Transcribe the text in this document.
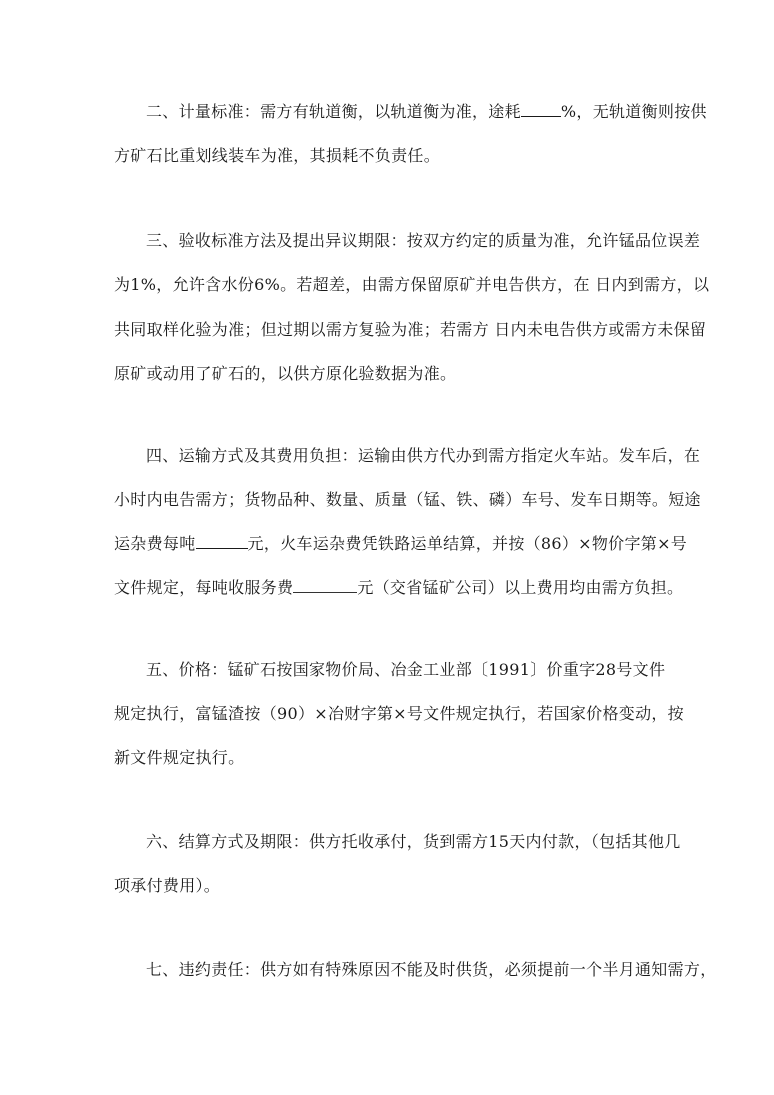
二、计量标准：需方有轨道衡，以轨道衡为准，途耗	%，无轨道衡则按供
方矿石比重划线装车为准，其损耗不负责任。
三、验收标准方法及提出异议期限：按双方约定的质量为准，允许锰品位误差
为1%，允许含水份6%。若超差，由需方保留原矿并电告供方，在 日内到需方，以
共同取样化验为准；但过期以需方复验为准；若需方 日内未电告供方或需方未保留
原矿或动用了矿石的，以供方原化验数据为准。
四、运输方式及其费用负担：运输由供方代办到需方指定火车站。发车后，在
小时内电告需方；货物品种、数量、质量（锰、铁、磷）车号、发车日期等。短途
运杂费每吨	元，火车运杂费凭铁路运单结算，并按（86）×物价字第×号
文件规定，每吨收服务费	元（交省锰矿公司）以上费用均由需方负担。
五、价格：锰矿石按国家物价局、冶金工业部〔1991〕价重字28号文件
规定执行，富锰渣按（90）×冶财字第×号文件规定执行，若国家价格变动，按
新文件规定执行。
六、结算方式及期限：供方托收承付，货到需方15天内付款，（包括其他几
项承付费用）。
七、违约责任：供方如有特殊原因不能及时供货，必须提前一个半月通知需方，
